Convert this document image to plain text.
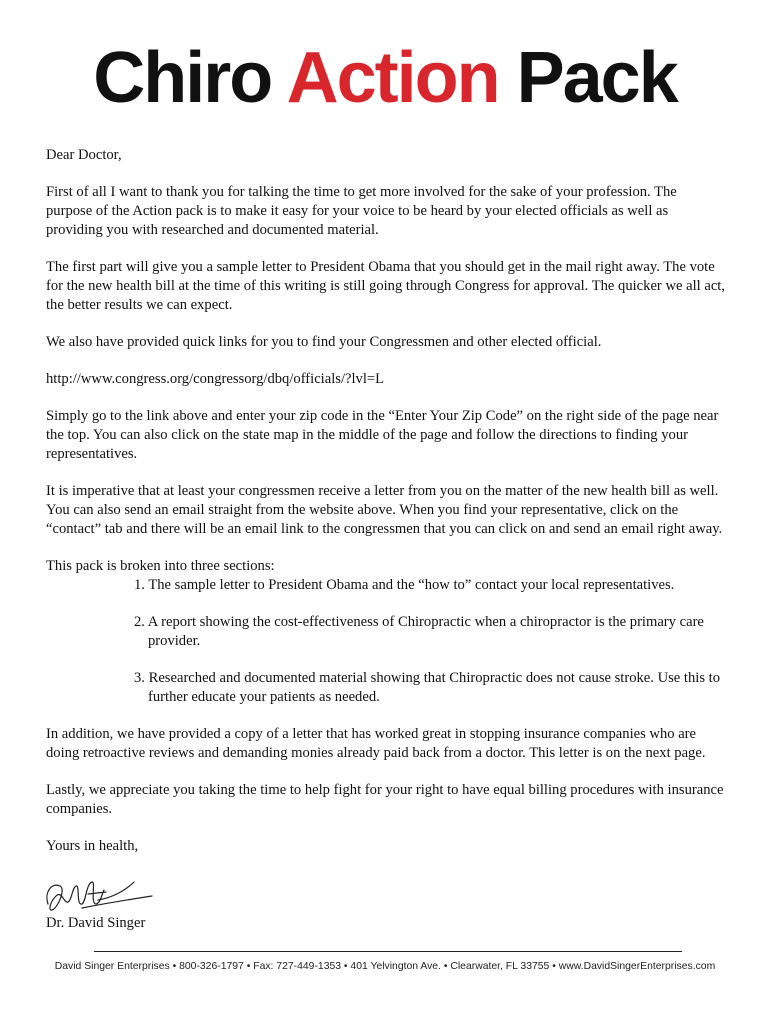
Chiro Action Pack

Dear Doctor,

First of all I want to thank you for talking the time to get more involved for the sake of your profession. The purpose of the Action pack is to make it easy for your voice to be heard by your elected officials as well as providing you with researched and documented material.

The first part will give you a sample letter to President Obama that you should get in the mail right away. The vote for the new health bill at the time of this writing is still going through Congress for approval. The quicker we all act, the better results we can expect.

We also have provided quick links for you to find your Congressmen and other elected official.

http://www.congress.org/congressorg/dbq/officials/?lvl=L

Simply go to the link above and enter your zip code in the “Enter Your Zip Code” on the right side of the page near the top. You can also click on the state map in the middle of the page and follow the directions to finding your representatives.

It is imperative that at least your congressmen receive a letter from you on the matter of the new health bill as well. You can also send an email straight from the website above. When you find your representative, click on the “contact” tab and there will be an email link to the congressmen that you can click on and send an email right away.

This pack is broken into three sections:

1. The sample letter to President Obama and the “how to” contact your local representatives.
2. A report showing the cost-effectiveness of Chiropractic when a chiropractor is the primary care provider.
3. Researched and documented material showing that Chiropractic does not cause stroke. Use this to further educate your patients as needed.

In addition, we have provided a copy of a letter that has worked great in stopping insurance companies who are doing retroactive reviews and demanding monies already paid back from a doctor. This letter is on the next page.

Lastly, we appreciate you taking the time to help fight for your right to have equal billing procedures with insurance companies.

Yours in health,

Dr. David Singer

David Singer Enterprises • 800-326-1797 • Fax: 727-449-1353 • 401 Yelvington Ave. • Clearwater, FL 33755 • www.DavidSingerEnterprises.com
